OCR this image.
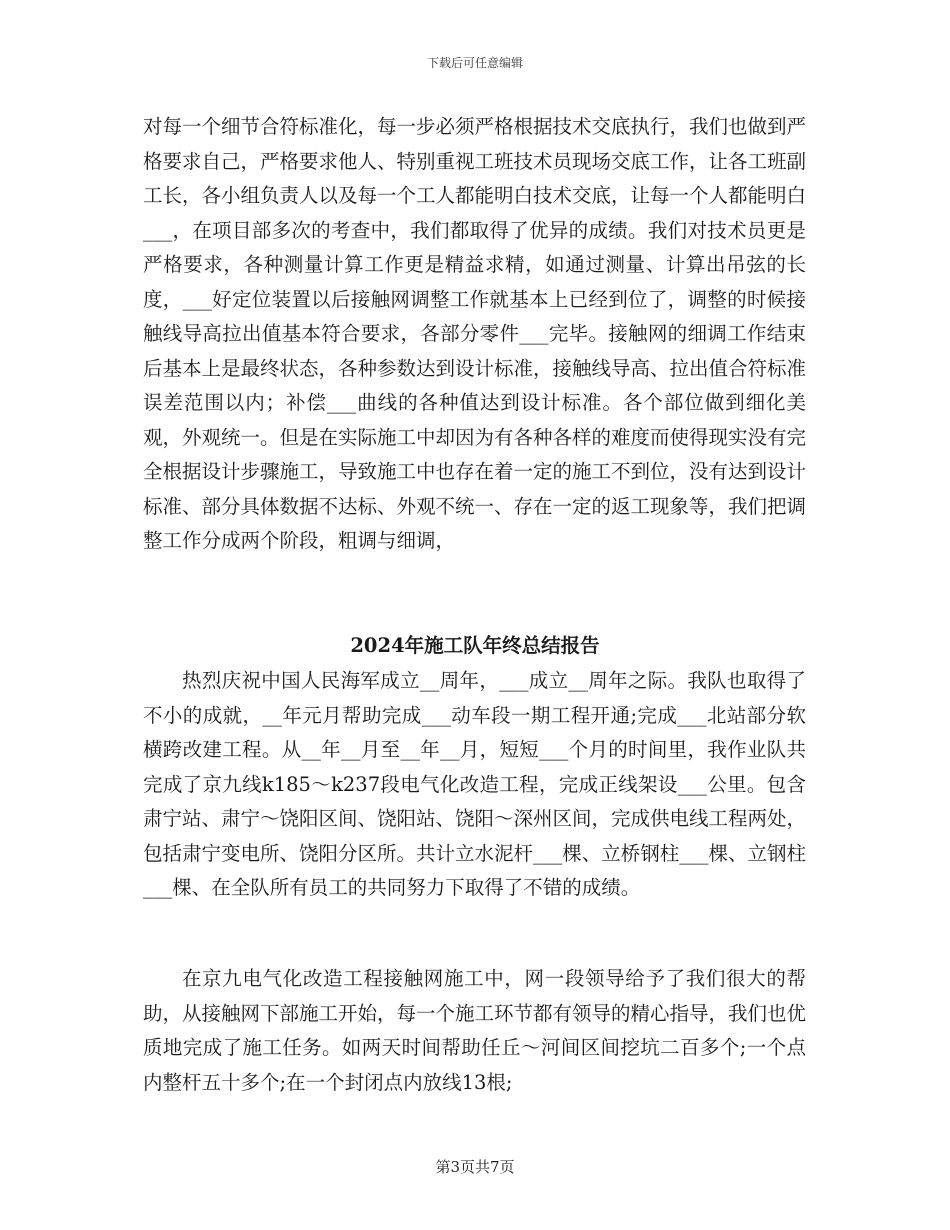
下载后可任意编辑

对每一个细节合符标准化，每一步必须严格根据技术交底执行，我们也做到严格要求自己，严格要求他人、特别重视工班技术员现场交底工作，让各工班副工长，各小组负责人以及每一个工人都能明白技术交底，让每一个人都能明白___，在项目部多次的考查中，我们都取得了优异的成绩。我们对技术员更是严格要求，各种测量计算工作更是精益求精，如通过测量、计算出吊弦的长度，___好定位装置以后接触网调整工作就基本上已经到位了，调整的时候接触线导高拉出值基本符合要求，各部分零件___完毕。接触网的细调工作结束后基本上是最终状态，各种参数达到设计标准，接触线导高、拉出值合符标准误差范围以内；补偿___曲线的各种值达到设计标准。各个部位做到细化美观，外观统一。但是在实际施工中却因为有各种各样的难度而使得现实没有完全根据设计步骤施工，导致施工中也存在着一定的施工不到位，没有达到设计标准、部分具体数据不达标、外观不统一、存在一定的返工现象等，我们把调整工作分成两个阶段，粗调与细调，

2024年施工队年终总结报告

热烈庆祝中国人民海军成立__周年，___成立__周年之际。我队也取得了不小的成就，__年元月帮助完成___动车段一期工程开通;完成___北站部分软横跨改建工程。从__年__月至__年__月，短短___个月的时间里，我作业队共完成了京九线k185～k237段电气化改造工程，完成正线架设___公里。包含肃宁站、肃宁～饶阳区间、饶阳站、饶阳～深州区间，完成供电线工程两处，包括肃宁变电所、饶阳分区所。共计立水泥杆___棵、立桥钢柱___棵、立钢柱___棵、在全队所有员工的共同努力下取得了不错的成绩。

在京九电气化改造工程接触网施工中，网一段领导给予了我们很大的帮助，从接触网下部施工开始，每一个施工环节都有领导的精心指导，我们也优质地完成了施工任务。如两天时间帮助任丘～河间区间挖坑二百多个;一个点内整杆五十多个;在一个封闭点内放线13根;

第3页共7页
